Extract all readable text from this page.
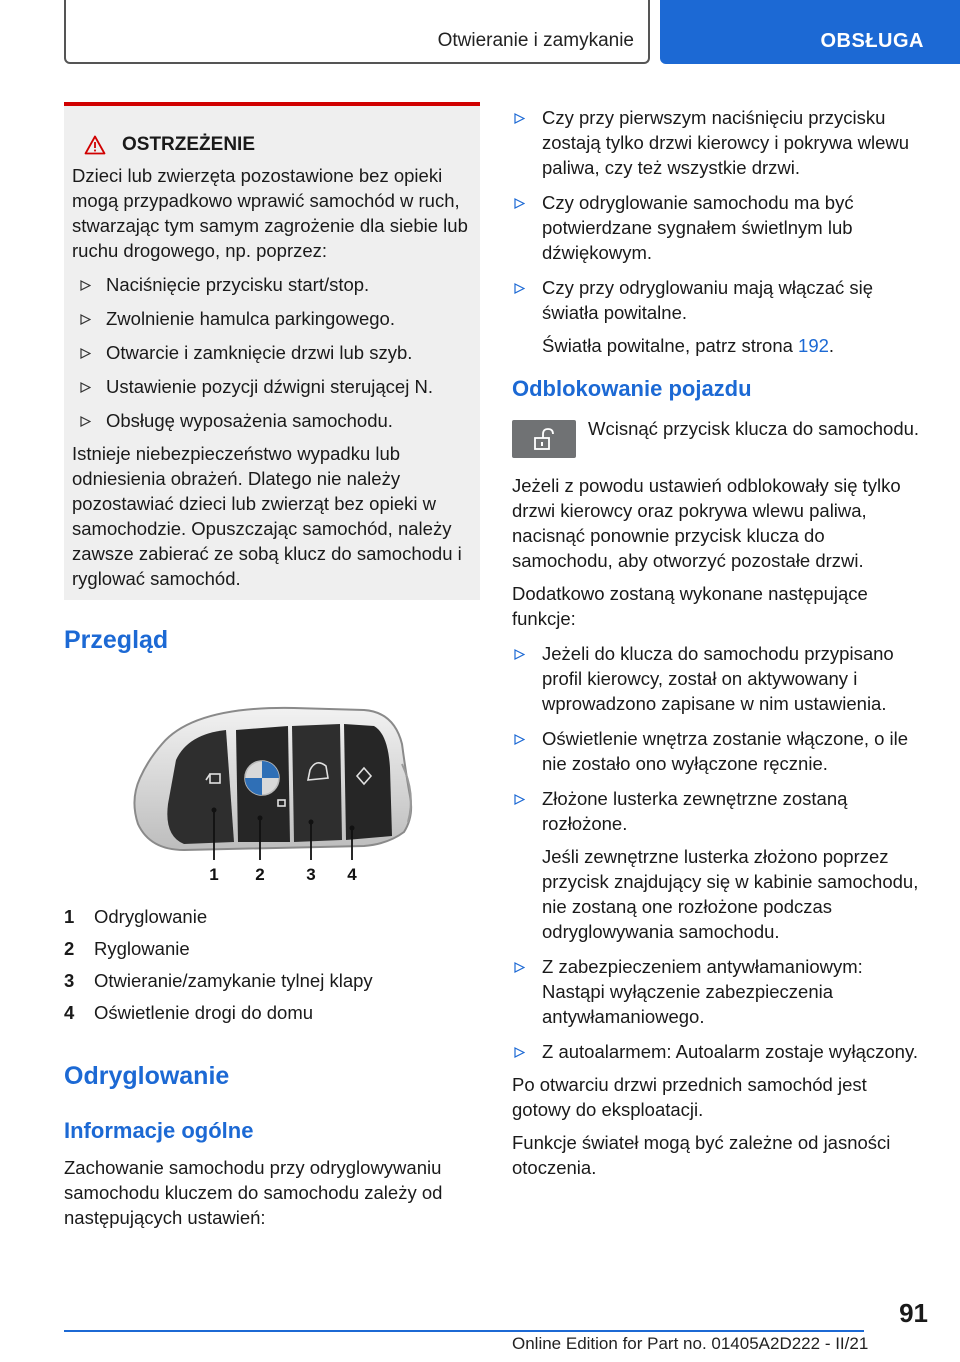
Otwieranie i zamykanie	OBSŁUGA
OSTRZEŻENIE

Dzieci lub zwierzęta pozostawione bez opieki mogą przypadkowo wprawić samochód w ruch, stwarzając tym samym zagrożenie dla siebie lub ruchu drogowego, np. poprzez:

Naciśnięcie przycisku start/stop.
Zwolnienie hamulca parkingowego.
Otwarcie i zamknięcie drzwi lub szyb.
Ustawienie pozycji dźwigni sterującej N.
Obsługę wyposażenia samochodu.

Istnieje niebezpieczeństwo wypadku lub odniesienia obrażeń. Dlatego nie należy pozostawiać dzieci lub zwierząt bez opieki w samochodzie. Opuszczając samochód, należy zawsze zabierać ze sobą klucz do samochodu i ryglować samochód.

Przegląd
1 2 3 4
1 Odryglowanie
2 Ryglowanie
3 Otwieranie/zamykanie tylnej klapy
4 Oświetlenie drogi do domu
Odryglowanie
Informacje ogólne

Zachowanie samochodu przy odryglowywaniu samochodu kluczem do samochodu zależy od następujących ustawień:

Czy przy pierwszym naciśnięciu przycisku zostają tylko drzwi kierowcy i pokrywa wlewu paliwa, czy też wszystkie drzwi.
Czy odryglowanie samochodu ma być potwierdzane sygnałem świetlnym lub dźwiękowym.
Czy przy odryglowaniu mają włączać się światła powitalne.

Światła powitalne, patrz strona 192.

Odblokowanie pojazdu

Wcisnąć przycisk klucza do samochodu.

Jeżeli z powodu ustawień odblokowały się tylko drzwi kierowcy oraz pokrywa wlewu paliwa, nacisnąć ponownie przycisk klucza do samochodu, aby otworzyć pozostałe drzwi.

Dodatkowo zostaną wykonane następujące funkcje:

Jeżeli do klucza do samochodu przypisano profil kierowcy, został on aktywowany i wprowadzono zapisane w nim ustawienia.
Oświetlenie wnętrza zostanie włączone, o ile nie zostało ono wyłączone ręcznie.
Złożone lusterka zewnętrzne zostaną rozłożone.

Jeśli zewnętrzne lusterka złożono poprzez przycisk znajdujący się w kabinie samochodu, nie zostaną one rozłożone podczas odryglowywania samochodu.

Z zabezpieczeniem antywłamaniowym: Nastąpi wyłączenie zabezpieczenia antywłamaniowego.
Z autoalarmem: Autoalarm zostaje wyłączony.

Po otwarciu drzwi przednich samochód jest gotowy do eksploatacji.

Funkcje świateł mogą być zależne od jasności otoczenia.

91
Online Edition for Part no. 01405A2D222 - II/21
